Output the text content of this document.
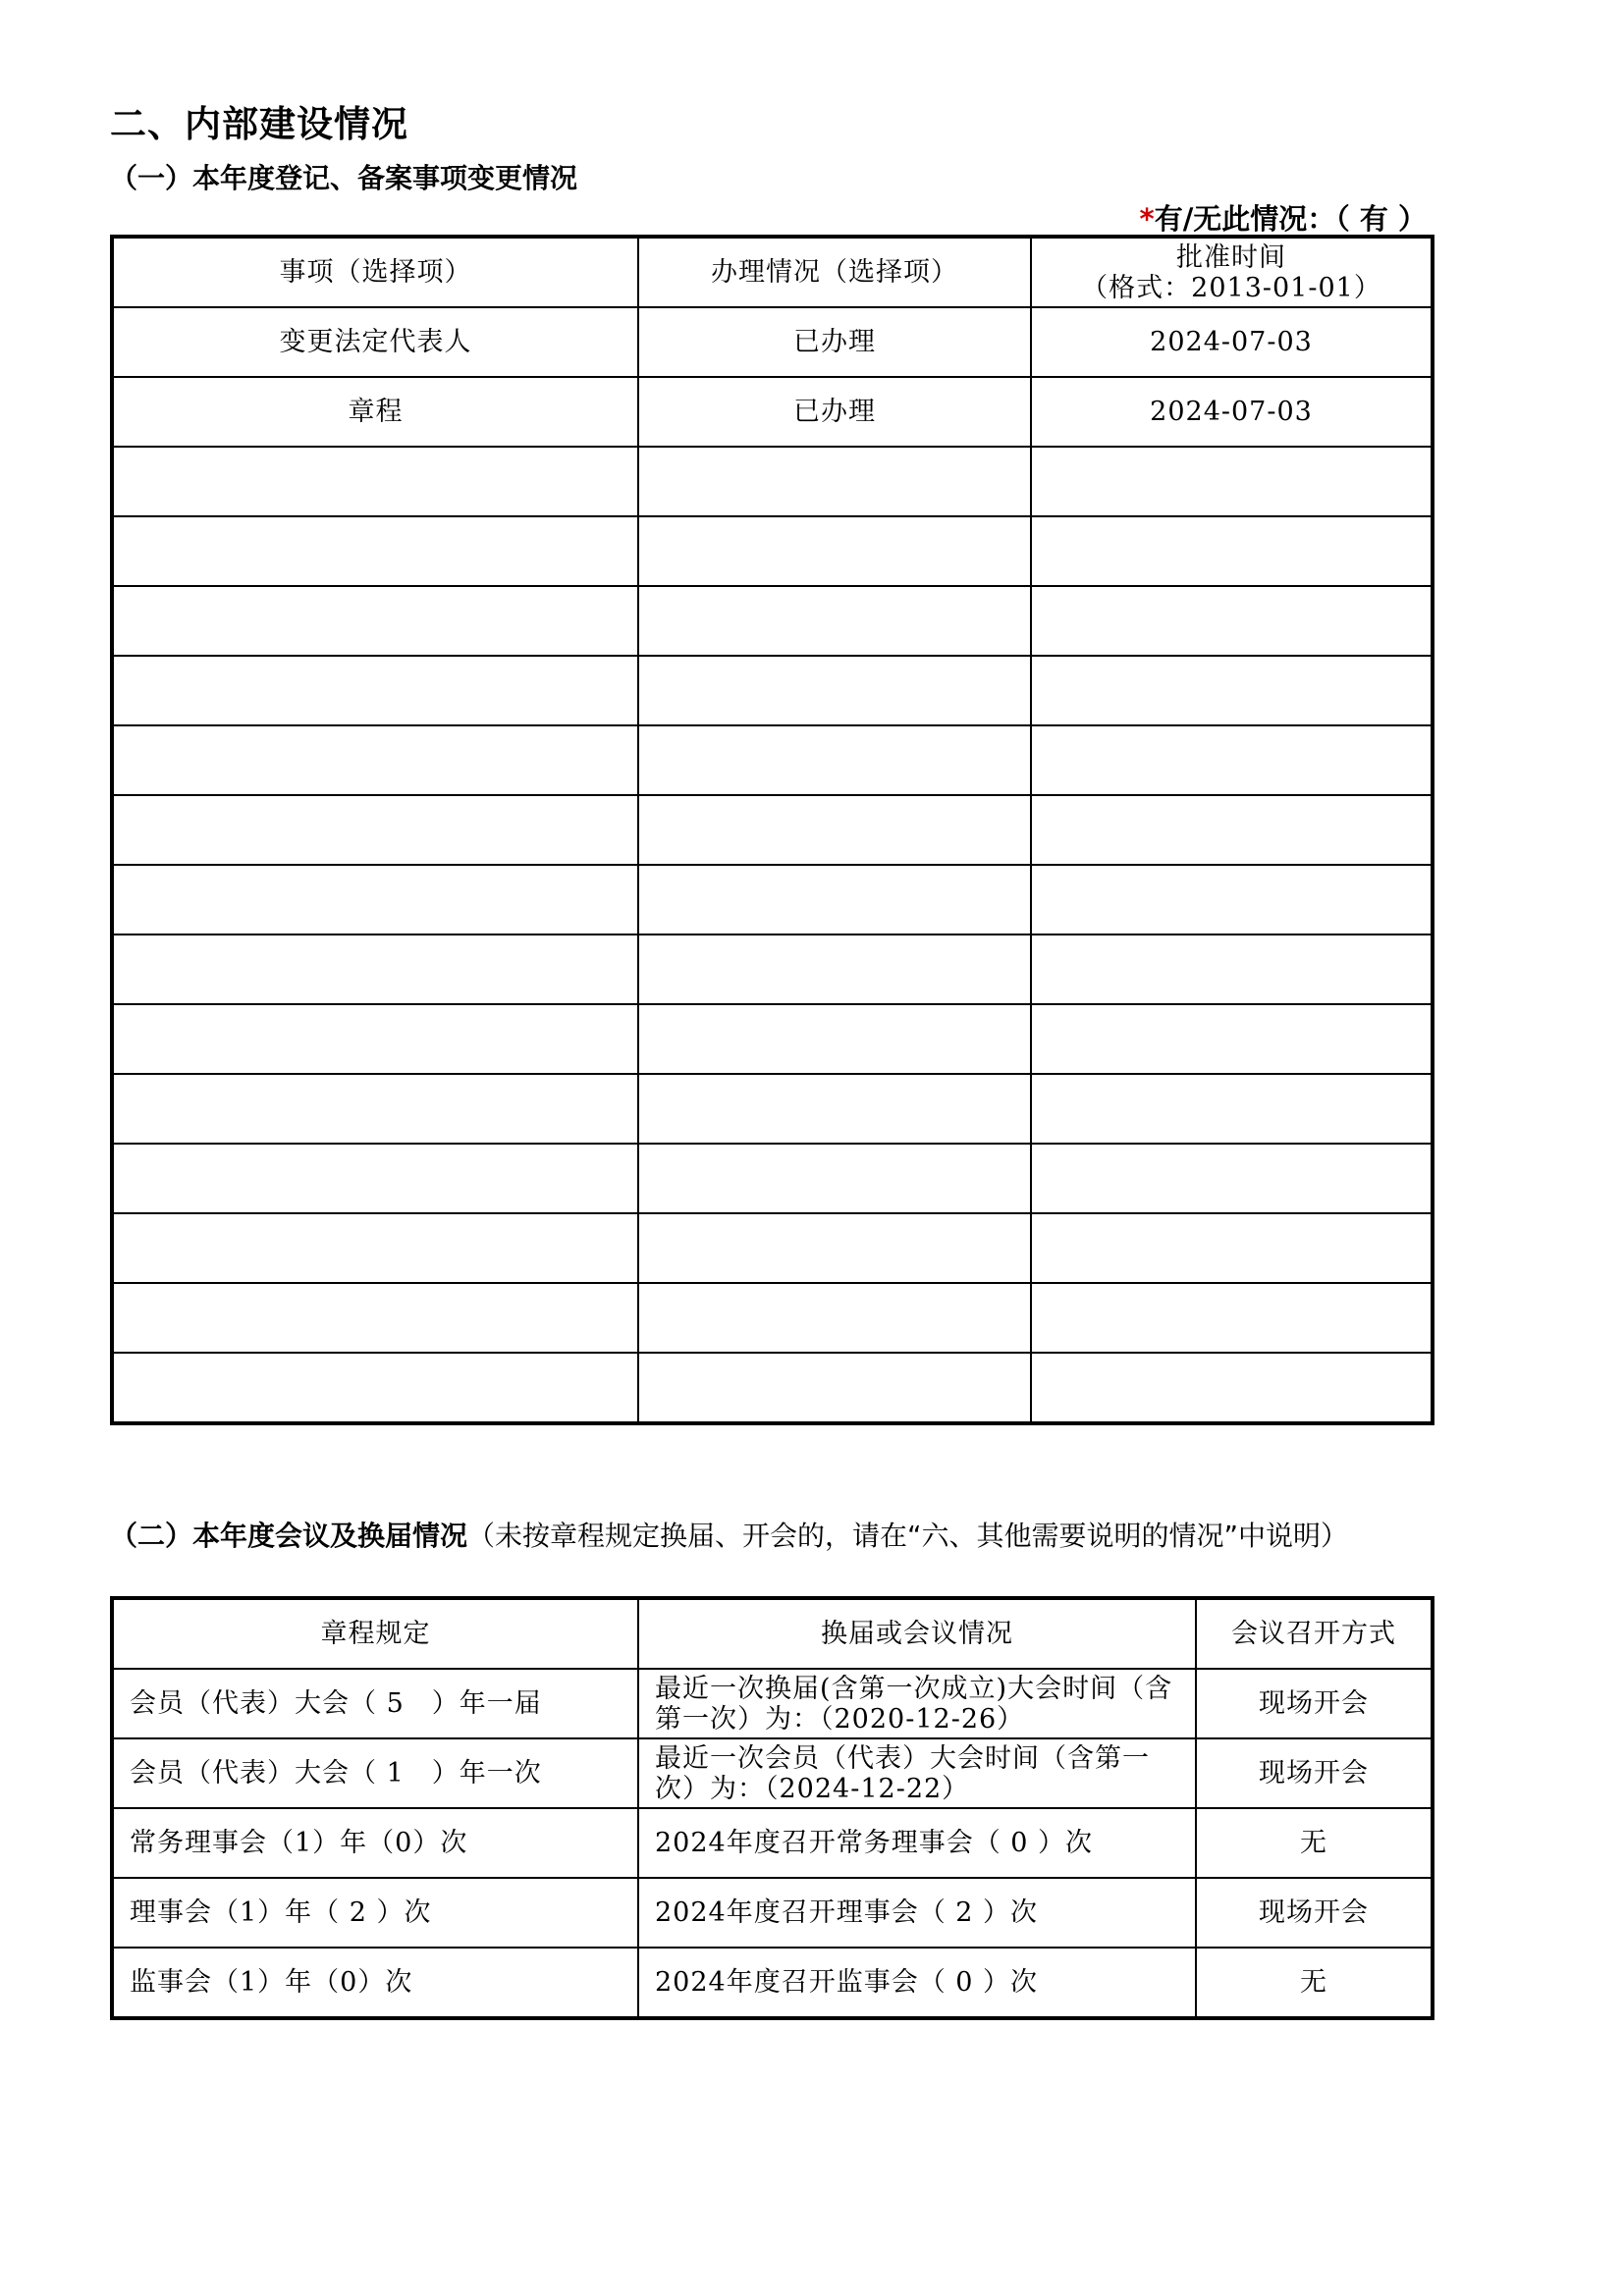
二、内部建设情况
（一）本年度登记、备案事项变更情况
*有/无此情况：（ 有 ）
事项（选择项）	办理情况（选择项）	批准时间
（格式：2013-01-01）

变更法定代表人	已办理	2024-07-03
章程	已办理	2024-07-03

（二）本年度会议及换届情况（未按章程规定换届、开会的，请在“六、其他需要说明的情况”中说明）
章程规定	换届或会议情况	会议召开方式
会员（代表）大会（ 5　）年一届	最近一次换届(含第一次成立)大会时间（含第一次）为：（2020-12-26）	现场开会
会员（代表）大会（ 1　）年一次	最近一次会员（代表）大会时间（含第一次）为：（2024-12-22）	现场开会
常务理事会（1）年（0）次	2024年度召开常务理事会（ 0 ）次	无
理事会（1）年（ 2 ）次	2024年度召开理事会（ 2 ）次	现场开会
监事会（1）年（0）次	2024年度召开监事会（ 0 ）次	无
